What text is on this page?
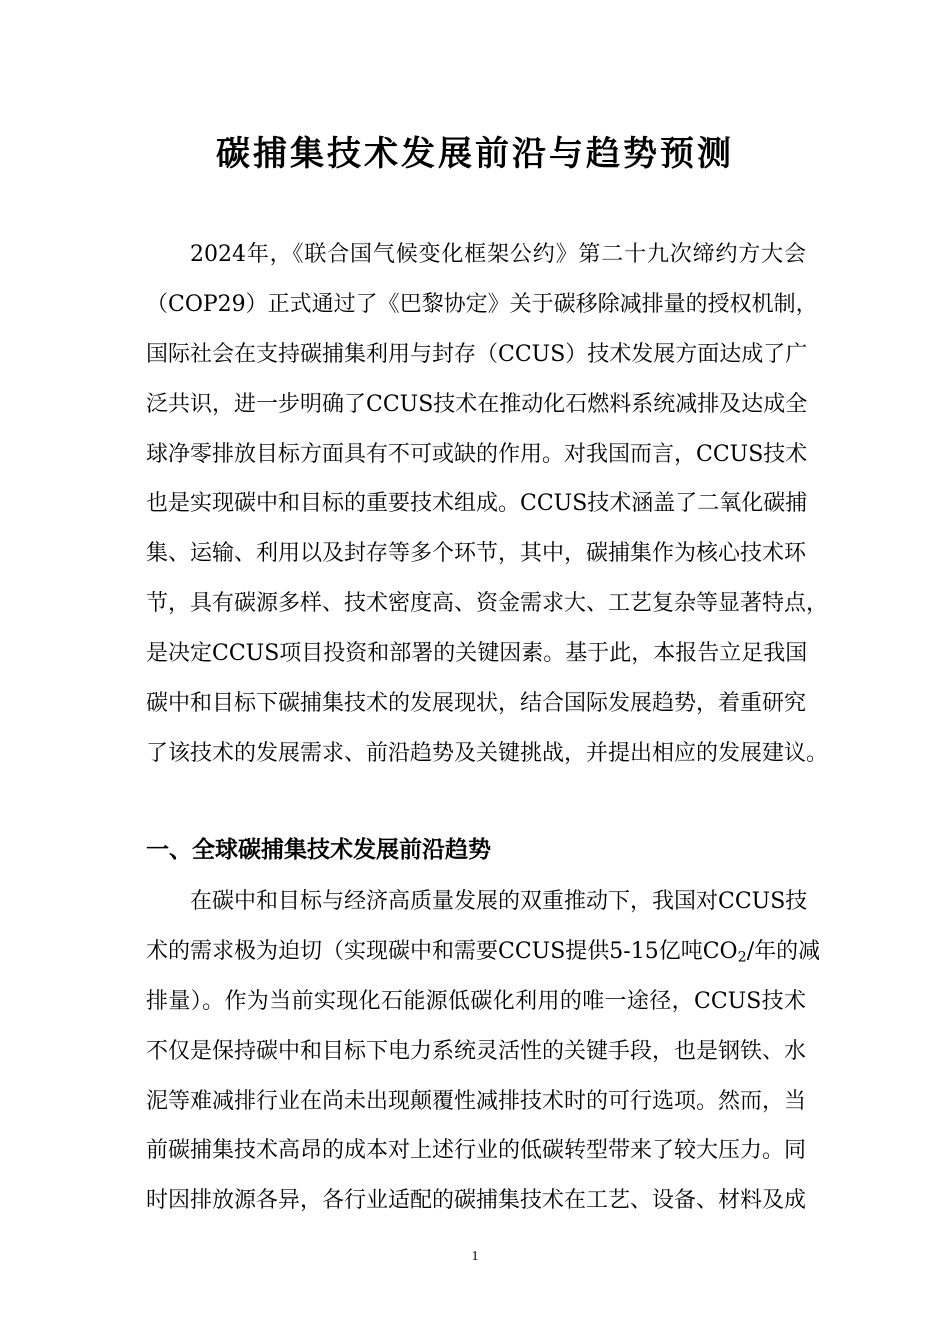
碳捕集技术发展前沿与趋势预测
2024年，《联合国气候变化框架公约》第二十九次缔约方大会
（COP29）正式通过了《巴黎协定》关于碳移除减排量的授权机制，
国际社会在支持碳捕集利用与封存（CCUS）技术发展方面达成了广
泛共识，进一步明确了CCUS技术在推动化石燃料系统减排及达成全
球净零排放目标方面具有不可或缺的作用。对我国而言，CCUS技术
也是实现碳中和目标的重要技术组成。CCUS技术涵盖了二氧化碳捕
集、运输、利用以及封存等多个环节，其中，碳捕集作为核心技术环
节，具有碳源多样、技术密度高、资金需求大、工艺复杂等显著特点，
是决定CCUS项目投资和部署的关键因素。基于此，本报告立足我国
碳中和目标下碳捕集技术的发展现状，结合国际发展趋势，着重研究
了该技术的发展需求、前沿趋势及关键挑战，并提出相应的发展建议。
一、全球碳捕集技术发展前沿趋势
在碳中和目标与经济高质量发展的双重推动下，我国对CCUS技
术的需求极为迫切（实现碳中和需要CCUS提供5-15亿吨$CO_2/$年的减
排量）。作为当前实现化石能源低碳化利用的唯一途径，CCUS技术
不仅是保持碳中和目标下电力系统灵活性的关键手段，也是钢铁、水
泥等难减排行业在尚未出现颠覆性减排技术时的可行选项。然而，当
前碳捕集技术高昂的成本对上述行业的低碳转型带来了较大压力。同
时因排放源各异，各行业适配的碳捕集技术在工艺、设备、材料及成
1
